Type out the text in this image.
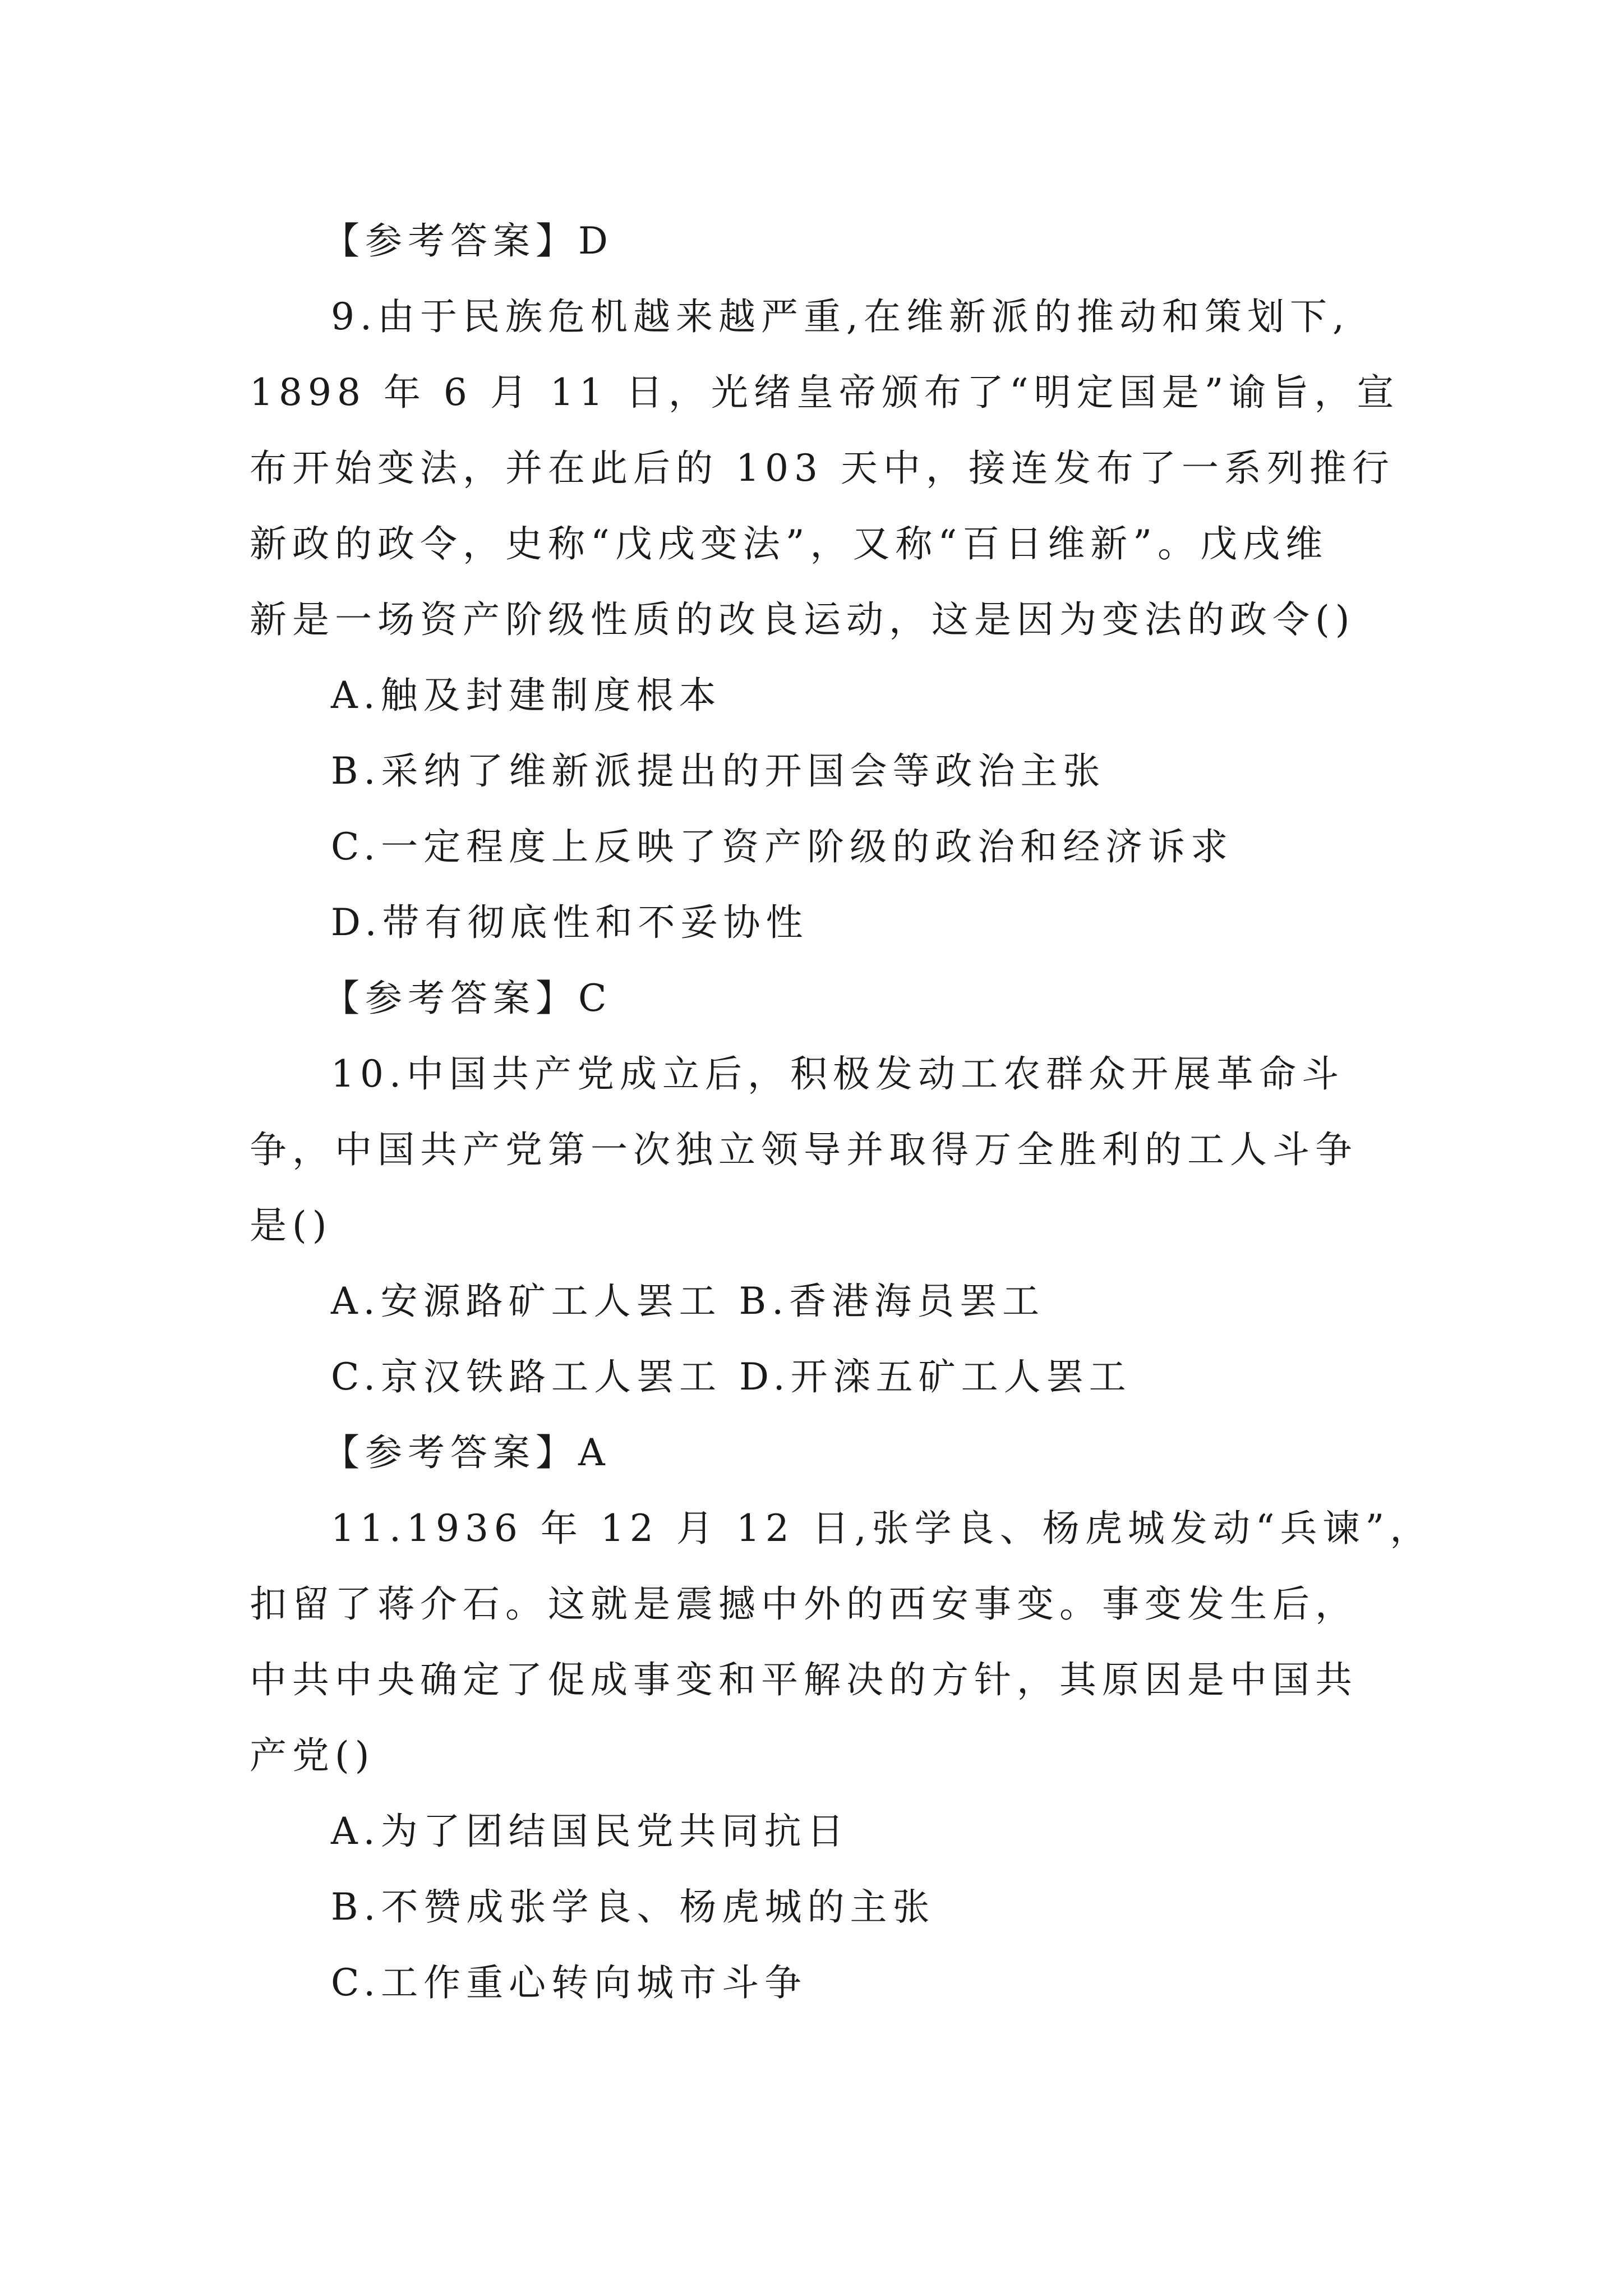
【参考答案】D
9.由于民族危机越来越严重,在维新派的推动和策划下,
1898 年 6 月 11 日，光绪皇帝颁布了“明定国是”谕旨，宣
布开始变法，并在此后的 103 天中，接连发布了一系列推行
新政的政令，史称“戊戌变法”，又称“百日维新”。戊戌维
新是一场资产阶级性质的改良运动，这是因为变法的政令()
A.触及封建制度根本
B.采纳了维新派提出的开国会等政治主张
C.一定程度上反映了资产阶级的政治和经济诉求
D.带有彻底性和不妥协性
【参考答案】C
10.中国共产党成立后，积极发动工农群众开展革命斗
争，中国共产党第一次独立领导并取得万全胜利的工人斗争
是()
A.安源路矿工人罢工 B.香港海员罢工
C.京汉铁路工人罢工 D.开滦五矿工人罢工
【参考答案】A
11.1936 年 12 月 12 日,张学良、杨虎城发动“兵谏”，
扣留了蒋介石。这就是震撼中外的西安事变。事变发生后，
中共中央确定了促成事变和平解决的方针，其原因是中国共
产党()
A.为了团结国民党共同抗日
B.不赞成张学良、杨虎城的主张
C.工作重心转向城市斗争
